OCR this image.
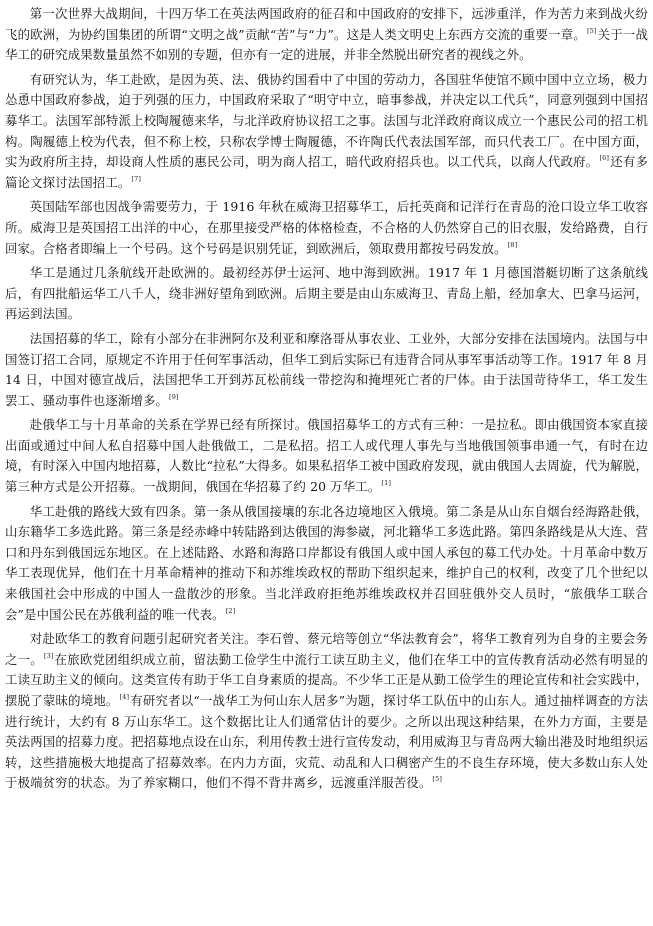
第一次世界大战期间，十四万华工在英法两国政府的征召和中国政府的安排下，远涉重洋，作为苦力来到战火纷飞的欧洲，为协约国集团的所谓“文明之战”贡献“苦”与“力”。这是人类文明史上东西方交流的重要一章。[5]关于一战华工的研究成果数量虽然不如别的专题，但亦有一定的进展，并非全然脱出研究者的视线之外。

有研究认为，华工赴欧，是因为英、法、俄协约国看中了中国的劳动力，各国驻华使馆不顾中国中立立场，极力怂恿中国政府参战，迫于列强的压力，中国政府采取了“明守中立，暗事参战，并决定以工代兵”，同意列强到中国招募华工。法国军部特派上校陶履德来华，与北洋政府协议招工之事。法国与北洋政府商议成立一个惠民公司的招工机构。陶履德上校为代表，但不称上校，只称农学博士陶履德，不许陶氏代表法国军部，而只代表工厂。在中国方面，实为政府所主持，却设商人性质的惠民公司，明为商人招工，暗代政府招兵也。以工代兵，以商人代政府。[6]还有多篇论文探讨法国招工。[7]

英国陆军部也因战争需要劳力，于 1916 年秋在威海卫招募华工，后托英商和记洋行在青岛的沧口设立华工收容所。威海卫是英国招工出洋的中心，在那里接受严格的体格检查，不合格的人仍然穿自己的旧衣服，发给路费，自行回家。合格者即编上一个号码。这个号码是识别凭证，到欧洲后，领取费用都按号码发放。[8]

华工是通过几条航线开赴欧洲的。最初经苏伊士运河、地中海到欧洲。1917 年 1 月德国潜艇切断了这条航线后，有四批船运华工八千人，绕非洲好望角到欧洲。后期主要是由山东威海卫、青岛上船，经加拿大、巴拿马运河，再运到法国。

法国招募的华工，除有小部分在非洲阿尔及利亚和摩洛哥从事农业、工业外，大部分安排在法国境内。法国与中国签订招工合同，原规定不许用于任何军事活动，但华工到后实际已有违背合同从事军事活动等工作。1917 年 8 月 14 日，中国对德宣战后，法国把华工开到苏瓦松前线一带挖沟和掩埋死亡者的尸体。由于法国苛待华工，华工发生罢工、骚动事件也逐渐增多。[9]

赴俄华工与十月革命的关系在学界已经有所探讨。俄国招募华工的方式有三种：一是拉私。即由俄国资本家直接出面或通过中间人私自招募中国人赴俄做工，二是私招。招工人或代理人事先与当地俄国领事串通一气，有时在边境，有时深入中国内地招募，人数比“拉私”大得多。如果私招华工被中国政府发现，就由俄国人去周旋，代为解脱，第三种方式是公开招募。一战期间，俄国在华招募了约 20 万华工。[1]

华工赴俄的路线大致有四条。第一条从俄国接壤的东北各边境地区入俄境。第二条是从山东自烟台经海路赴俄，山东籍华工多选此路。第三条是经赤峰中转陆路到达俄国的海参崴，河北籍华工多选此路。第四条路线是从大连、营口和丹东到俄国远东地区。在上述陆路、水路和海路口岸都设有俄国人或中国人承包的募工代办处。十月革命中数万华工表现优异，他们在十月革命精神的推动下和苏维埃政权的帮助下组织起来，维护自己的权利，改变了几个世纪以来俄国社会中形成的中国人一盘散沙的形象。当北洋政府拒绝苏维埃政权并召回驻俄外交人员时，“旅俄华工联合会”是中国公民在苏俄利益的唯一代表。[2]

对赴欧华工的教育问题引起研究者关注。李石曾、蔡元培等创立“华法教育会”，将华工教育列为自身的主要会务之一。[3]在旅欧党团组织成立前，留法勤工俭学生中流行工读互助主义，他们在华工中的宣传教育活动必然有明显的工读互助主义的倾向。这类宣传有助于华工自身素质的提高。不少华工正是从勤工俭学生的理论宣传和社会实践中，摆脱了蒙昧的境地。[4]有研究者以“一战华工为何山东人居多”为题，探讨华工队伍中的山东人。通过抽样调查的方法进行统计，大约有 8 万山东华工。这个数据比让人们通常估计的要少。之所以出现这种结果，在外力方面，主要是英法两国的招募力度。把招募地点设在山东，利用传教士进行宣传发动，利用威海卫与青岛两大输出港及时地组织运转，这些措施极大地提高了招募效率。在内力方面，灾荒、动乱和人口稠密产生的不良生存环境，使大多数山东人处于极端贫穷的状态。为了养家糊口，他们不得不背井离乡，远渡重洋服苦役。[5]
